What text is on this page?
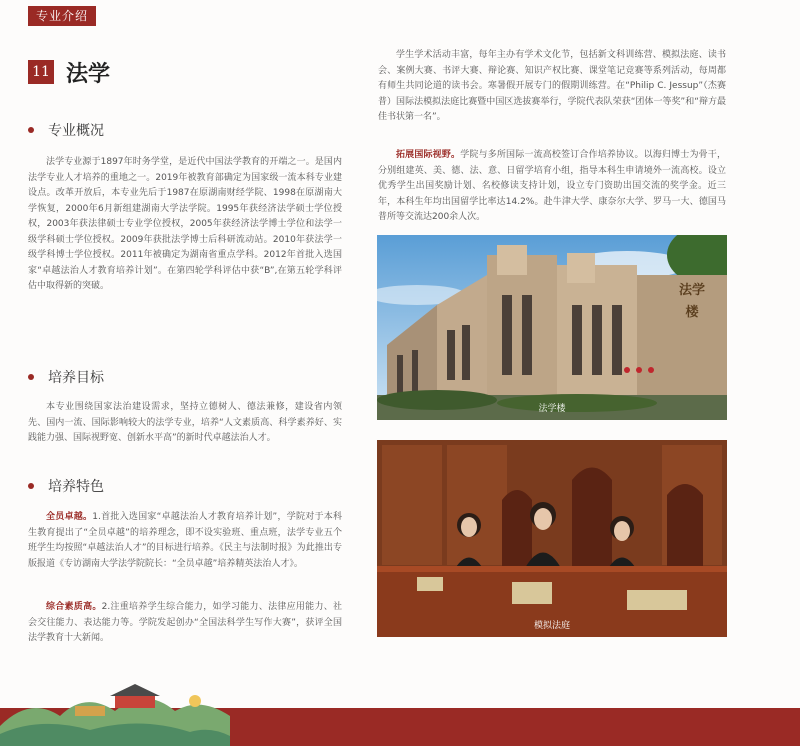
专业介绍
11 法学
专业概况
法学专业源于1897年时务学堂，是近代中国法学教育的开端之一。是国内法学专业人才培养的重地之一。2019年被教育部确定为国家级一流本科专业建设点。改革开放后，本专业先后于1987在原湖南财经学院、1998在原湖南大学恢复，2000年6月新组建湖南大学法学院。1995年获经济法学硕士学位授权，2003年获法律硕士专业学位授权，2005年获经济法学博士学位和法学一级学科硕士学位授权。2009年获批法学博士后科研流动站。2010年获法学一级学科博士学位授权。2011年被确定为湖南省重点学科。2012年首批入选国家“卓越法治人才教育培养计划”。在第四轮学科评估中获“B”,在第五轮学科评估中取得新的突破。
培养目标
本专业围绕国家法治建设需求，坚持立德树人、德法兼修，建设省内领先、国内一流、国际影响较大的法学专业，培养“人文素质高、科学素养好、实践能力强、国际视野宽、创新水平高”的新时代卓越法治人才。
培养特色
全员卓越。1.首批入选国家“卓越法治人才教育培养计划”，学院对于本科生教育提出了“全员卓越”的培养理念，即不设实验班、重点班，法学专业五个班学生均按照“卓越法治人才”的目标进行培养。《民主与法制时报》为此推出专版报道《专访湖南大学法学院院长：“全员卓越”培养精英法治人才》。
综合素质高。2.注重培养学生综合能力，如学习能力、法律应用能力、社会交往能力、表达能力等。学院发起创办“全国法科学生写作大赛”，获评全国法学教育十大新闻。
学生学术活动丰富，每年主办有学术文化节，包括新文科训练营、模拟法庭、读书会、案例大赛、书评大赛、辩论赛、知识产权比赛、课堂笔记竞赛等系列活动，每周都有师生共同论道的读书会。寒暑假开展专门的假期训练营。在“Philip C. Jessup”（杰赛普）国际法模拟法庭比赛暨中国区选拔赛举行，学院代表队荣获“团体一等奖”和“辩方最佳书状第一名”。
拓展国际视野。学院与多所国际一流高校签订合作培养协议。以海归博士为骨干，分别组建英、美、德、法、意、日留学培育小组，指导本科生申请境外一流高校。设立优秀学生出国奖励计划、名校修读支持计划，设立专门资助出国交流的奖学金。近三年，本科生年均出国留学比率达14.2%。赴牛津大学、康奈尔大学、罗马一大、德国马普所等交流达200余人次。
法学楼
法学楼
模拟法庭
